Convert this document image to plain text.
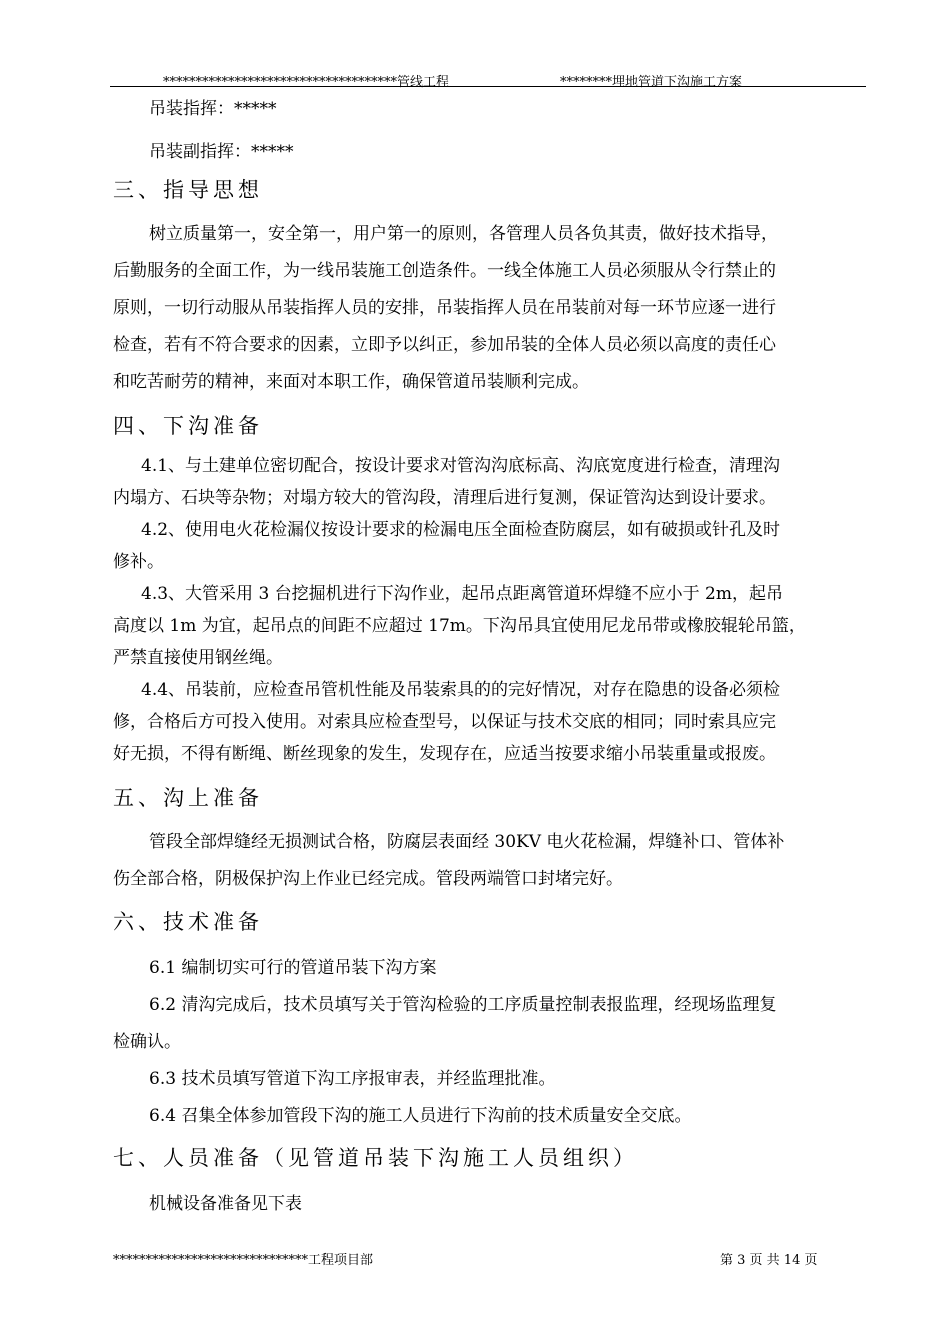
************************************管线工程	********埋地管道下沟施工方案
吊装指挥：*****
吊装副指挥：*****
三、指导思想
树立质量第一，安全第一，用户第一的原则，各管理人员各负其责，做好技术指导，
后勤服务的全面工作，为一线吊装施工创造条件。一线全体施工人员必须服从令行禁止的
原则，一切行动服从吊装指挥人员的安排，吊装指挥人员在吊装前对每一环节应逐一进行
检查，若有不符合要求的因素，立即予以纠正，参加吊装的全体人员必须以高度的责任心
和吃苦耐劳的精神，来面对本职工作，确保管道吊装顺利完成。
四、下沟准备
4.1、与土建单位密切配合，按设计要求对管沟沟底标高、沟底宽度进行检查，清理沟
内塌方、石块等杂物；对塌方较大的管沟段，清理后进行复测，保证管沟达到设计要求。
4.2、使用电火花检漏仪按设计要求的检漏电压全面检查防腐层，如有破损或针孔及时
修补。
4.3、大管采用 3 台挖掘机进行下沟作业，起吊点距离管道环焊缝不应小于 2m，起吊
高度以 1m 为宜，起吊点的间距不应超过 17m。下沟吊具宜使用尼龙吊带或橡胶辊轮吊篮，
严禁直接使用钢丝绳。
4.4、吊装前，应检查吊管机性能及吊装索具的的完好情况，对存在隐患的设备必须检
修，合格后方可投入使用。对索具应检查型号，以保证与技术交底的相同；同时索具应完
好无损，不得有断绳、断丝现象的发生，发现存在，应适当按要求缩小吊装重量或报废。
五、沟上准备
管段全部焊缝经无损测试合格，防腐层表面经 30KV 电火花检漏，焊缝补口、管体补
伤全部合格，阴极保护沟上作业已经完成。管段两端管口封堵完好。
六、技术准备
6.1 编制切实可行的管道吊装下沟方案
6.2 清沟完成后，技术员填写关于管沟检验的工序质量控制表报监理，经现场监理复
检确认。
6.3 技术员填写管道下沟工序报审表，并经监理批准。
6.4 召集全体参加管段下沟的施工人员进行下沟前的技术质量安全交底。
七、人员准备（见管道吊装下沟施工人员组织）
机械设备准备见下表
******************************工程项目部	第 3 页 共 14 页
